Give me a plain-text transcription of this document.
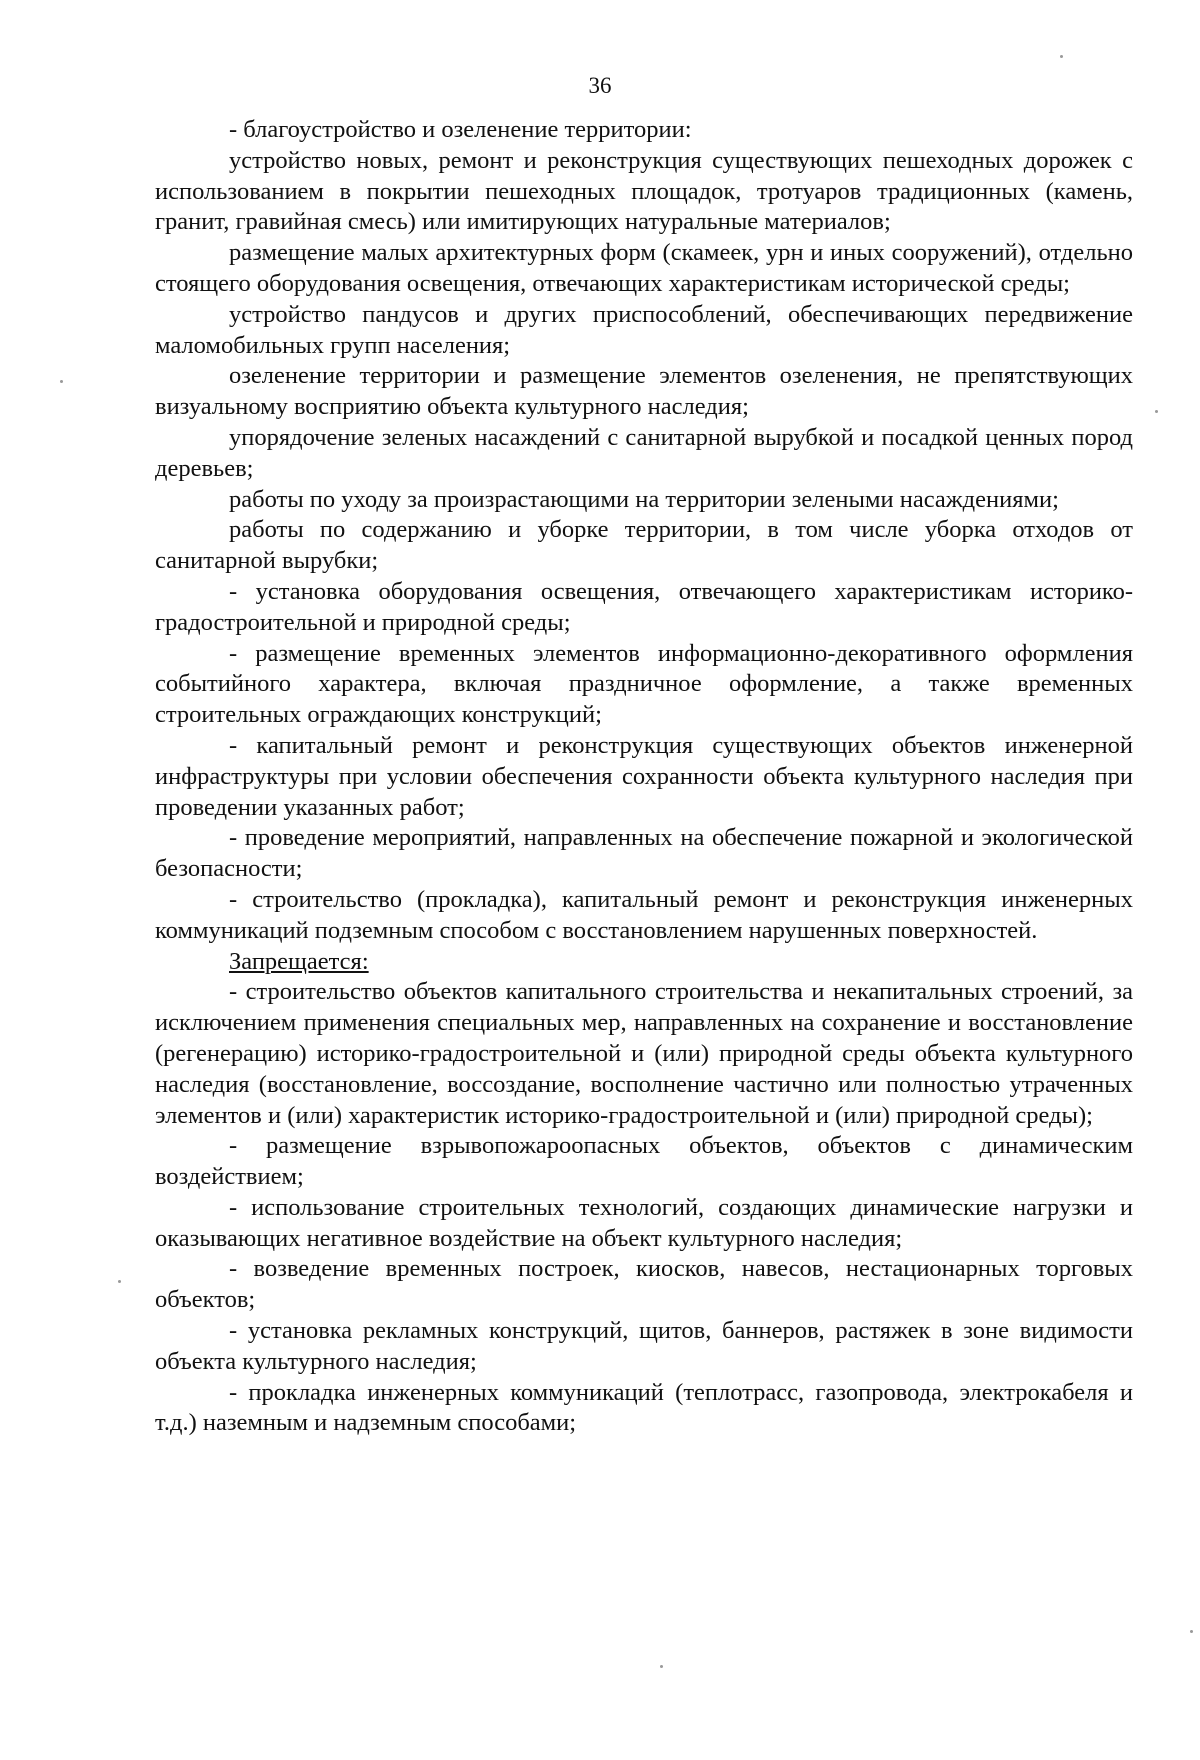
36

- благоустройство и озеленение территории:

устройство новых, ремонт и реконструкция существующих пешеходных дорожек с использованием в покрытии пешеходных площадок, тротуаров традиционных (камень, гранит, гравийная смесь) или имитирующих натуральные материалов;

размещение малых архитектурных форм (скамеек, урн и иных сооружений), отдельно стоящего оборудования освещения, отвечающих характеристикам исторической среды;

устройство пандусов и других приспособлений, обеспечивающих передвижение маломобильных групп населения;

озеленение территории и размещение элементов озеленения, не препятствующих визуальному восприятию объекта культурного наследия;

упорядочение зеленых насаждений с санитарной вырубкой и посадкой ценных пород деревьев;

работы по уходу за произрастающими на территории зелеными насаждениями;

работы по содержанию и уборке территории, в том числе уборка отходов от санитарной вырубки;

- установка оборудования освещения, отвечающего характеристикам историко-градостроительной и природной среды;

- размещение временных элементов информационно-декоративного оформления событийного характера, включая праздничное оформление, а также временных строительных ограждающих конструкций;

- капитальный ремонт и реконструкция существующих объектов инженерной инфраструктуры при условии обеспечения сохранности объекта культурного наследия при проведении указанных работ;

- проведение мероприятий, направленных на обеспечение пожарной и экологической безопасности;

- строительство (прокладка), капитальный ремонт и реконструкция инженерных коммуникаций подземным способом с восстановлением нарушенных поверхностей.

Запрещается:

- строительство объектов капитального строительства и некапитальных строений, за исключением применения специальных мер, направленных на сохранение и восстановление (регенерацию) историко-градостроительной и (или) природной среды объекта культурного наследия (восстановление, воссоздание, восполнение частично или полностью утраченных элементов и (или) характеристик историко-градостроительной и (или) природной среды);

- размещение взрывопожароопасных объектов, объектов с динамическим воздействием;

- использование строительных технологий, создающих динамические нагрузки и оказывающих негативное воздействие на объект культурного наследия;

- возведение временных построек, киосков, навесов, нестационарных торговых объектов;

- установка рекламных конструкций, щитов, баннеров, растяжек в зоне видимости объекта культурного наследия;

- прокладка инженерных коммуникаций (теплотрасс, газопровода, электрокабеля и т.д.) наземным и надземным способами;
